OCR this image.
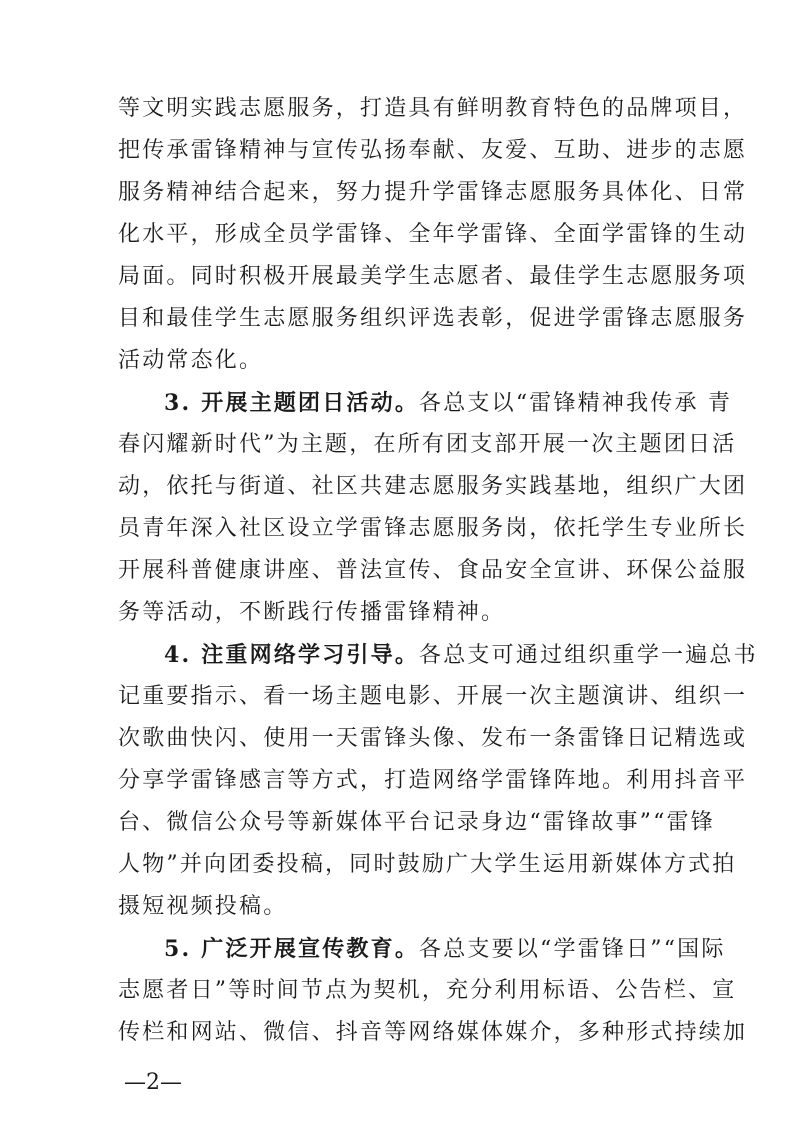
等文明实践志愿服务，打造具有鲜明教育特色的品牌项目，
把传承雷锋精神与宣传弘扬奉献、友爱、互助、进步的志愿
服务精神结合起来，努力提升学雷锋志愿服务具体化、日常
化水平，形成全员学雷锋、全年学雷锋、全面学雷锋的生动
局面。同时积极开展最美学生志愿者、最佳学生志愿服务项
目和最佳学生志愿服务组织评选表彰，促进学雷锋志愿服务
活动常态化。
3. 开展主题团日活动。各总支以“雷锋精神我传承 青
春闪耀新时代”为主题，在所有团支部开展一次主题团日活
动，依托与街道、社区共建志愿服务实践基地，组织广大团
员青年深入社区设立学雷锋志愿服务岗，依托学生专业所长
开展科普健康讲座、普法宣传、食品安全宣讲、环保公益服
务等活动，不断践行传播雷锋精神。
4. 注重网络学习引导。各总支可通过组织重学一遍总书
记重要指示、看一场主题电影、开展一次主题演讲、组织一
次歌曲快闪、使用一天雷锋头像、发布一条雷锋日记精选或
分享学雷锋感言等方式，打造网络学雷锋阵地。利用抖音平
台、微信公众号等新媒体平台记录身边“雷锋故事”“雷锋
人物”并向团委投稿，同时鼓励广大学生运用新媒体方式拍
摄短视频投稿。
5. 广泛开展宣传教育。各总支要以“学雷锋日”“国际
志愿者日”等时间节点为契机，充分利用标语、公告栏、宣
传栏和网站、微信、抖音等网络媒体媒介，多种形式持续加
—2—
